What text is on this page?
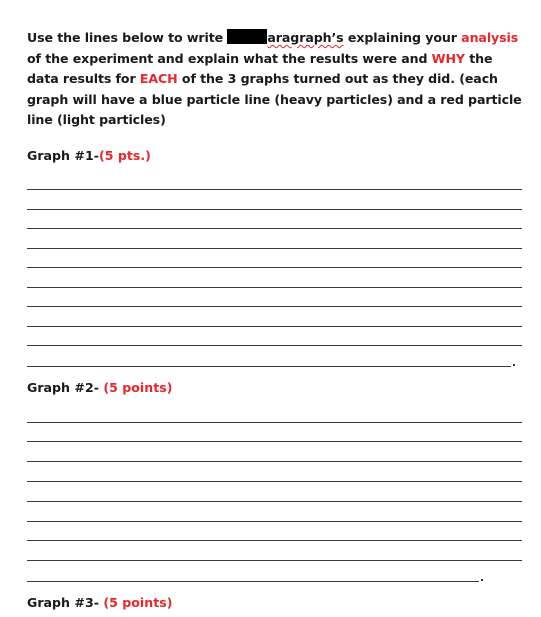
Use the lines below to write	aragraph’s explaining your analysis of the experiment and explain what the results were and WHY the data results for EACH of the 3 graphs turned out as they did. (each graph will have a blue particle line (heavy particles) and a red particle line (light particles)
Graph #1-(5 pts.)
Graph #2- (5 points)
Graph #3- (5 points)
